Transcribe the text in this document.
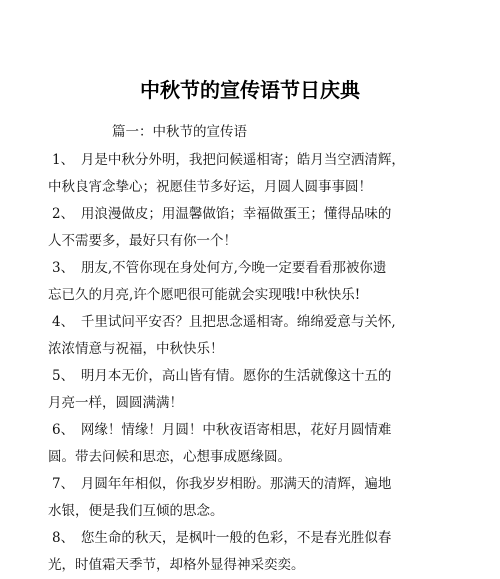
中秋节的宣传语节日庆典
篇一：中秋节的宣传语
1、　月是中秋分外明，我把问候遥相寄；皓月当空洒清辉，
中秋良宵念挚心；祝愿佳节多好运，月圆人圆事事圆！
2、　用浪漫做皮；用温馨做馅；幸福做蛋王；懂得品味的
人不需要多，最好只有你一个！
3、　朋友,不管你现在身处何方,今晚一定要看看那被你遗
忘已久的月亮,许个愿吧很可能就会实现哦!中秋快乐!
4、　千里试问平安否？且把思念遥相寄。绵绵爱意与关怀,
浓浓情意与祝福，中秋快乐！
5、　明月本无价，高山皆有情。愿你的生活就像这十五的
月亮一样，圆圆满满！
6、　网缘！情缘！月圆！中秋夜语寄相思，花好月圆情难
圆。带去问候和思恋，心想事成愿缘圆。
7、　月圆年年相似，你我岁岁相盼。那满天的清辉，遍地
水银，便是我们互倾的思念。
8、　您生命的秋天，是枫叶一般的色彩，不是春光胜似春
光，时值霜天季节，却格外显得神采奕奕。
